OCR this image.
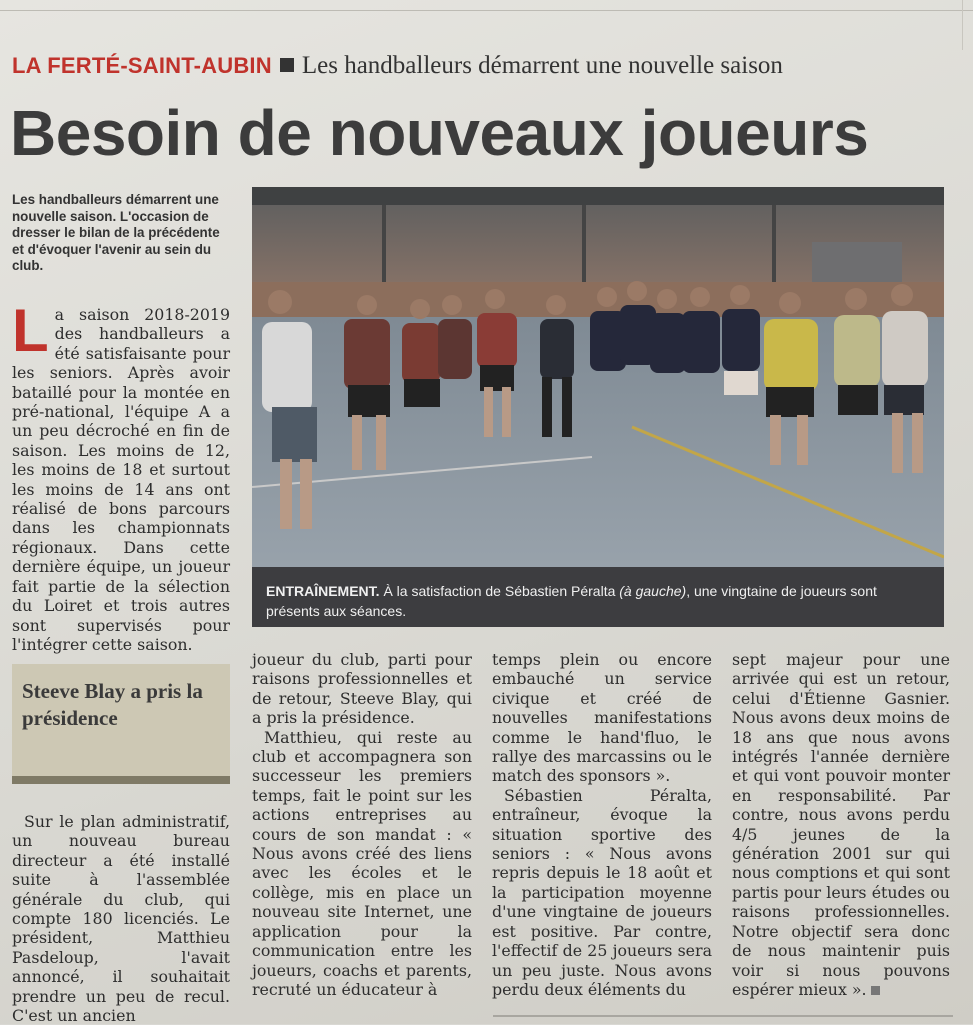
LA FERTÉ-SAINT-AUBIN Les handballeurs démarrent une nouvelle saison
Besoin de nouveaux joueurs
Les handballeurs démarrent une nouvelle saison. L'occasion de dresser le bilan de la précédente et d'évoquer l'avenir au sein du club.
L a saison 2018-2019 des handballeurs a été satisfaisante pour les seniors. Après avoir bataillé pour la montée en pré-national, l'équipe A a un peu décroché en fin de saison. Les moins de 12, les moins de 18 et surtout les moins de 14 ans ont réalisé de bons parcours dans les championnats régionaux. Dans cette dernière équipe, un joueur fait partie de la sélection du Loiret et trois autres sont supervisés pour l'intégrer cette saison.

Steeve Blay a pris la présidence

Sur le plan administratif, un nouveau bureau directeur a été installé suite à l'assemblée générale du club, qui compte 180 licenciés. Le président, Matthieu Pasdeloup, l'avait annoncé, il souhaitait prendre un peu de recul. C'est un ancien

ENTRAÎNEMENT. À la satisfaction de Sébastien Péralta (à gauche), une vingtaine de joueurs sont présents aux séances.

joueur du club, parti pour raisons professionnelles et de retour, Steeve Blay, qui a pris la présidence.

Matthieu, qui reste au club et accompagnera son successeur les premiers temps, fait le point sur les actions entreprises au cours de son mandat : « Nous avons créé des liens avec les écoles et le collège, mis en place un nouveau site Internet, une application pour la communication entre les joueurs, coachs et parents, recruté un éducateur à

temps plein ou encore embauché un service civique et créé de nouvelles manifestations comme le hand'fluo, le rallye des marcassins ou le match des sponsors ».

Sébastien Péralta, entraîneur, évoque la situation sportive des seniors : « Nous avons repris depuis le 18 août et la participation moyenne d'une vingtaine de joueurs est positive. Par contre, l'effectif de 25 joueurs sera un peu juste. Nous avons perdu deux éléments du

sept majeur pour une arrivée qui est un retour, celui d'Étienne Gasnier. Nous avons deux moins de 18 ans que nous avons intégrés l'année dernière et qui vont pouvoir monter en responsabilité. Par contre, nous avons perdu 4/5 jeunes de la génération 2001 sur qui nous comptions et qui sont partis pour leurs études ou raisons professionnelles. Notre objectif sera donc de nous maintenir puis voir si nous pouvons espérer mieux ».
